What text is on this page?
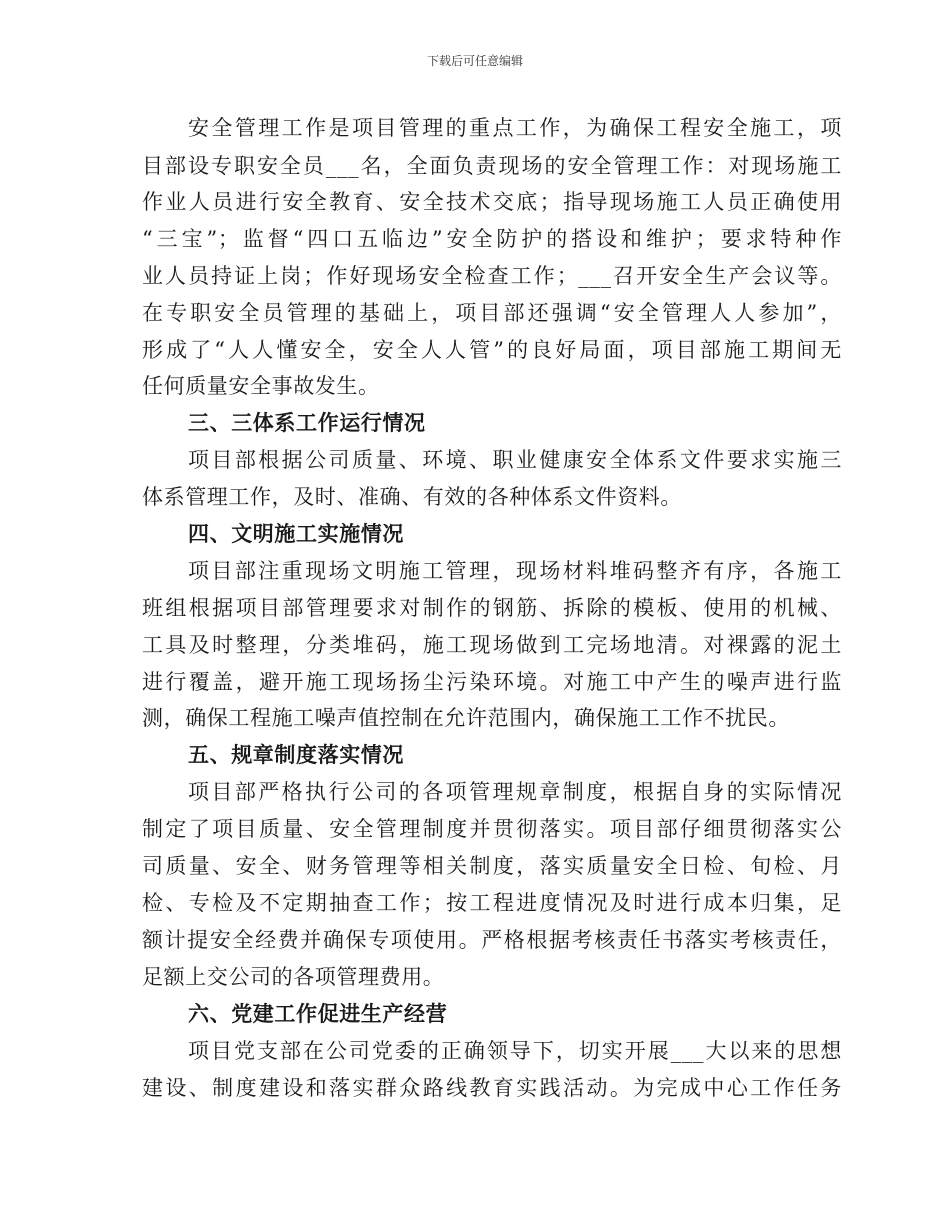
下载后可任意编辑
安全管理工作是项目管理的重点工作，为确保工程安全施工，项
目部设专职安全员___名，全面负责现场的安全管理工作：对现场施工
作业人员进行安全教育、安全技术交底；指导现场施工人员正确使用
“三宝”；监督“四口五临边”安全防护的搭设和维护；要求特种作
业人员持证上岗；作好现场安全检查工作；___召开安全生产会议等。
在专职安全员管理的基础上，项目部还强调“安全管理人人参加”，
形成了“人人懂安全，安全人人管”的良好局面，项目部施工期间无
任何质量安全事故发生。
三、三体系工作运行情况
项目部根据公司质量、环境、职业健康安全体系文件要求实施三
体系管理工作，及时、准确、有效的各种体系文件资料。
四、文明施工实施情况
项目部注重现场文明施工管理，现场材料堆码整齐有序，各施工
班组根据项目部管理要求对制作的钢筋、拆除的模板、使用的机械、
工具及时整理，分类堆码，施工现场做到工完场地清。对裸露的泥土
进行覆盖，避开施工现场扬尘污染环境。对施工中产生的噪声进行监
测，确保工程施工噪声值控制在允许范围内，确保施工工作不扰民。
五、规章制度落实情况
项目部严格执行公司的各项管理规章制度，根据自身的实际情况
制定了项目质量、安全管理制度并贯彻落实。项目部仔细贯彻落实公
司质量、安全、财务管理等相关制度，落实质量安全日检、旬检、月
检、专检及不定期抽查工作；按工程进度情况及时进行成本归集，足
额计提安全经费并确保专项使用。严格根据考核责任书落实考核责任，
足额上交公司的各项管理费用。
六、党建工作促进生产经营
项目党支部在公司党委的正确领导下，切实开展___大以来的思想
建设、制度建设和落实群众路线教育实践活动。为完成中心工作任务
